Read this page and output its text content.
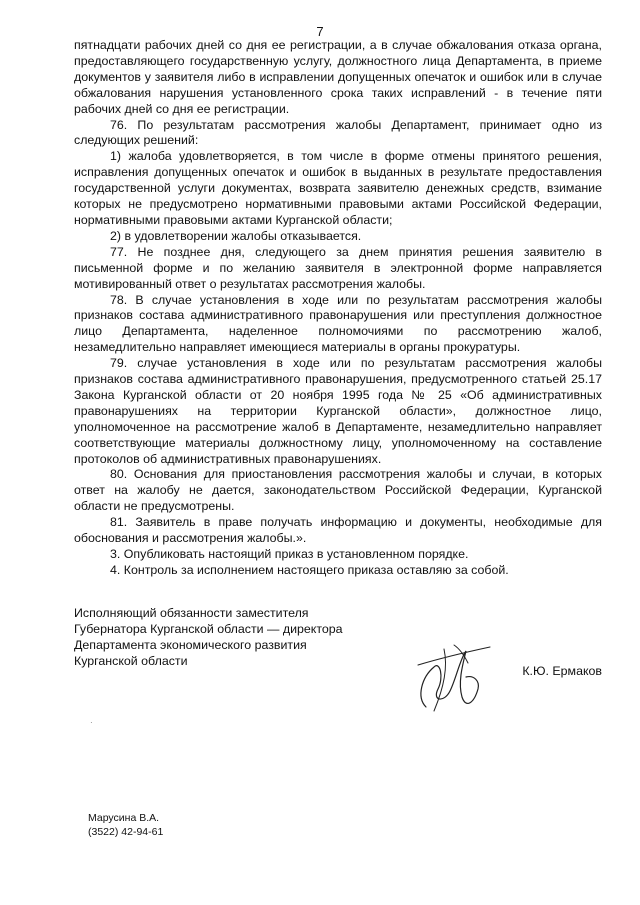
7

пятнадцати рабочих дней со дня ее регистрации, а в случае обжалования отказа органа, предоставляющего государственную услугу, должностного лица Департамента, в приеме документов у заявителя либо в исправлении допущенных опечаток и ошибок или в случае обжалования нарушения установленного срока таких исправлений - в течение пяти рабочих дней со дня ее регистрации.

76. По результатам рассмотрения жалобы Департамент, принимает одно из следующих решений:

1) жалоба удовлетворяется, в том числе в форме отмены принятого решения, исправления допущенных опечаток и ошибок в выданных в результате предоставления государственной услуги документах, возврата заявителю денежных средств, взимание которых не предусмотрено нормативными правовыми актами Российской Федерации, нормативными правовыми актами Курганской области;

2) в удовлетворении жалобы отказывается.

77. Не позднее дня, следующего за днем принятия решения заявителю в письменной форме и по желанию заявителя в электронной форме направляется мотивированный ответ о результатах рассмотрения жалобы.

78. В случае установления в ходе или по результатам рассмотрения жалобы признаков состава административного правонарушения или преступления должностное лицо Департамента, наделенное полномочиями по рассмотрению жалоб, незамедлительно направляет имеющиеся материалы в органы прокуратуры.

79. случае установления в ходе или по результатам рассмотрения жалобы признаков состава административного правонарушения, предусмотренного статьей 25.17 Закона Курганской области от 20 ноября 1995 года № 25 «Об административных правонарушениях на территории Курганской области», должностное лицо, уполномоченное на рассмотрение жалоб в Департаменте, незамедлительно направляет соответствующие материалы должностному лицу, уполномоченному на составление протоколов об административных правонарушениях.

80. Основания для приостановления рассмотрения жалобы и случаи, в которых ответ на жалобу не дается, законодательством Российской Федерации, Курганской области не предусмотрены.

81. Заявитель в праве получать информацию и документы, необходимые для обоснования и рассмотрения жалобы.».

3. Опубликовать настоящий приказ в установленном порядке.

4. Контроль за исполнением настоящего приказа оставляю за собой.

Исполняющий обязанности заместителя
Губернатора Курганской области — директора
Департамента экономического развития
Курганской области
К.Ю. Ермаков
·
Марусина В.А.
(3522) 42-94-61
